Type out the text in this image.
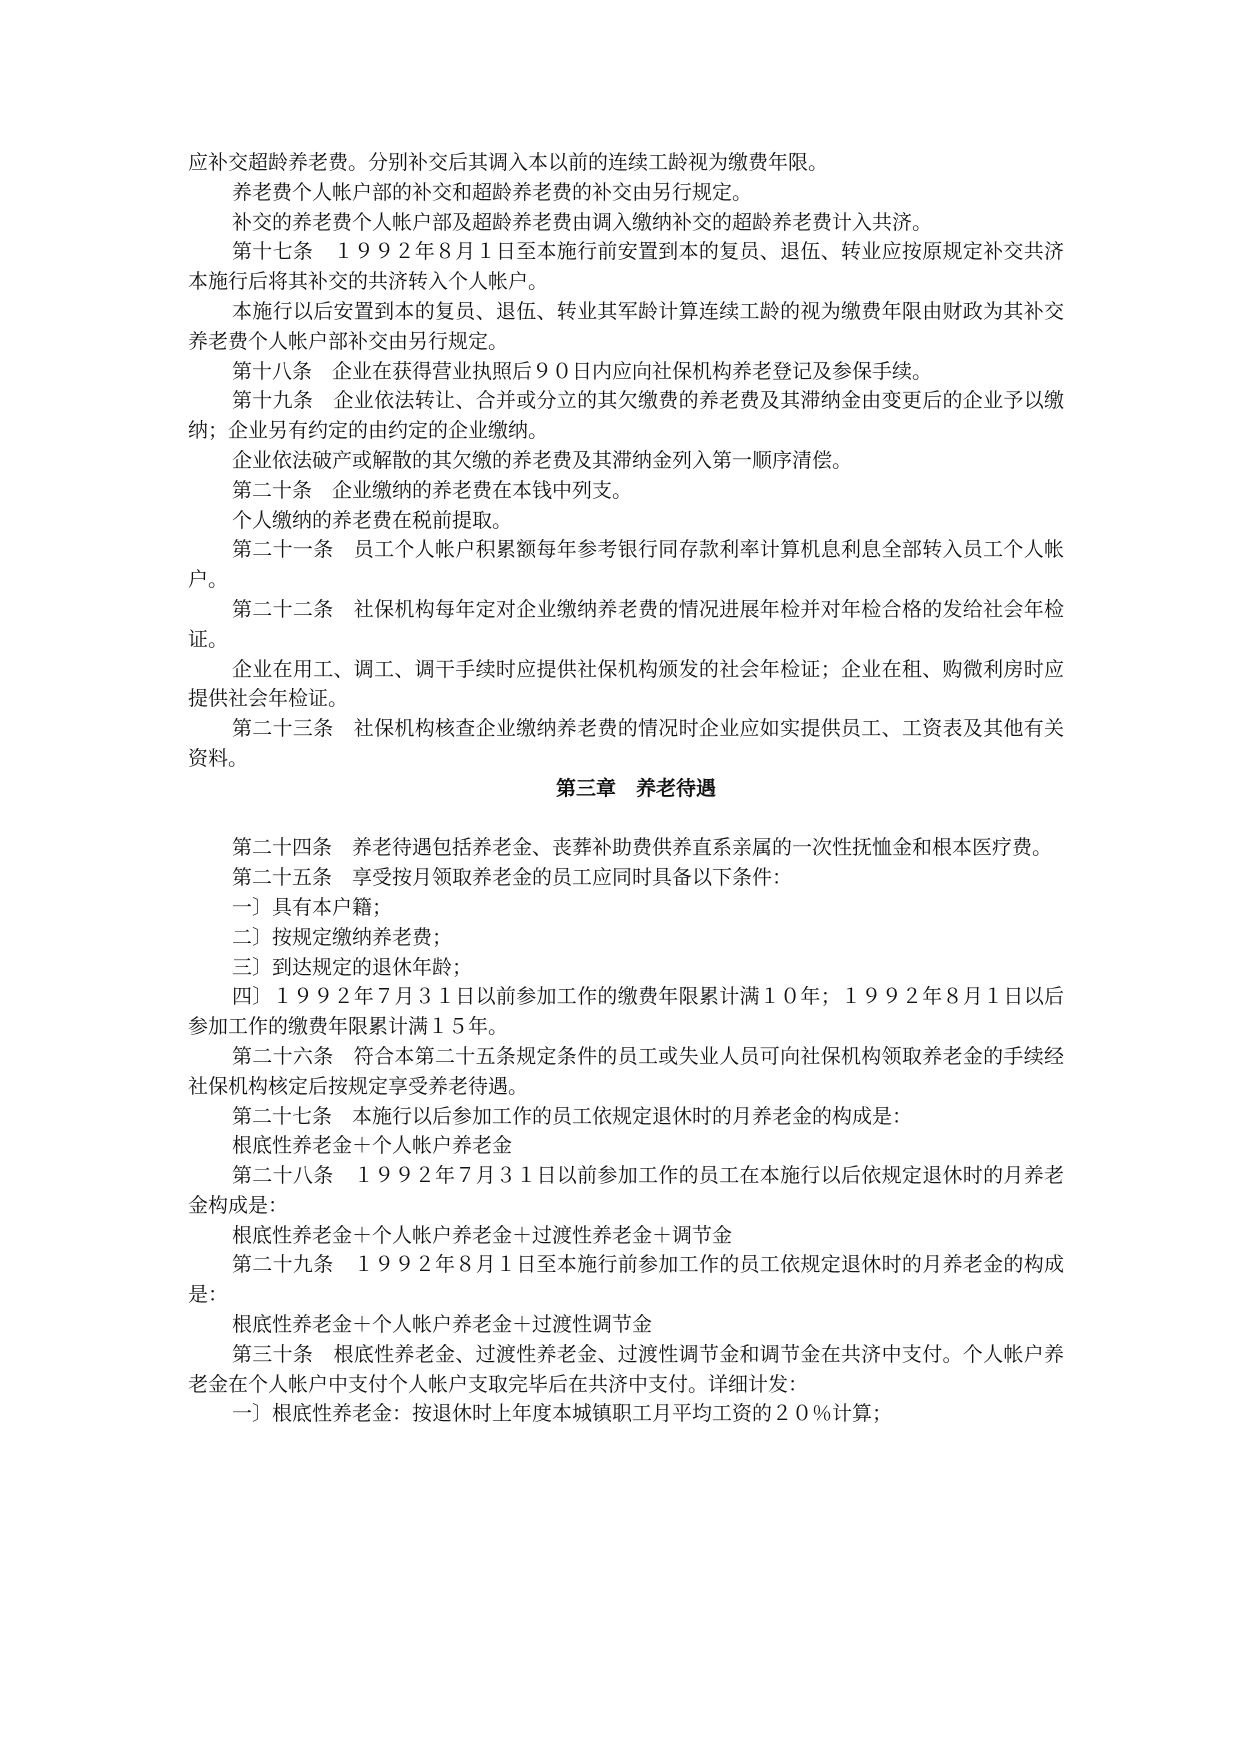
应补交超龄养老费。分别补交后其调入本以前的连续工龄视为缴费年限。

养老费个人帐户部的补交和超龄养老费的补交由另行规定。

补交的养老费个人帐户部及超龄养老费由调入缴纳补交的超龄养老费计入共济。

第十七条　１９９２年８月１日至本施行前安置到本的复员、退伍、转业应按原规定补交共济本施行后将其补交的共济转入个人帐户。

本施行以后安置到本的复员、退伍、转业其军龄计算连续工龄的视为缴费年限由财政为其补交养老费个人帐户部补交由另行规定。

第十八条　企业在获得营业执照后９０日内应向社保机构养老登记及参保手续。

第十九条　企业依法转让、合并或分立的其欠缴费的养老费及其滞纳金由变更后的企业予以缴纳；企业另有约定的由约定的企业缴纳。

企业依法破产或解散的其欠缴的养老费及其滞纳金列入第一顺序清偿。

第二十条　企业缴纳的养老费在本钱中列支。

个人缴纳的养老费在税前提取。

第二十一条　员工个人帐户积累额每年参考银行同存款利率计算机息利息全部转入员工个人帐户。

第二十二条　社保机构每年定对企业缴纳养老费的情况进展年检并对年检合格的发给社会年检证。

企业在用工、调工、调干手续时应提供社保机构颁发的社会年检证；企业在租、购微利房时应提供社会年检证。

第二十三条　社保机构核查企业缴纳养老费的情况时企业应如实提供员工、工资表及其他有关资料。

第三章　养老待遇

第二十四条　养老待遇包括养老金、丧葬补助费供养直系亲属的一次性抚恤金和根本医疗费。

第二十五条　享受按月领取养老金的员工应同时具备以下条件：

一〕具有本户籍；

二〕按规定缴纳养老费；

三〕到达规定的退休年龄；

四〕１９９２年７月３１日以前参加工作的缴费年限累计满１０年；１９９２年８月１日以后参加工作的缴费年限累计满１５年。

第二十六条　符合本第二十五条规定条件的员工或失业人员可向社保机构领取养老金的手续经社保机构核定后按规定享受养老待遇。

第二十七条　本施行以后参加工作的员工依规定退休时的月养老金的构成是：

根底性养老金＋个人帐户养老金

第二十八条　１９９２年７月３１日以前参加工作的员工在本施行以后依规定退休时的月养老金构成是：

根底性养老金＋个人帐户养老金＋过渡性养老金＋调节金

第二十九条　１９９２年８月１日至本施行前参加工作的员工依规定退休时的月养老金的构成是：

根底性养老金＋个人帐户养老金＋过渡性调节金

第三十条　根底性养老金、过渡性养老金、过渡性调节金和调节金在共济中支付。个人帐户养老金在个人帐户中支付个人帐户支取完毕后在共济中支付。详细计发：

一〕根底性养老金：按退休时上年度本城镇职工月平均工资的２０％计算；
